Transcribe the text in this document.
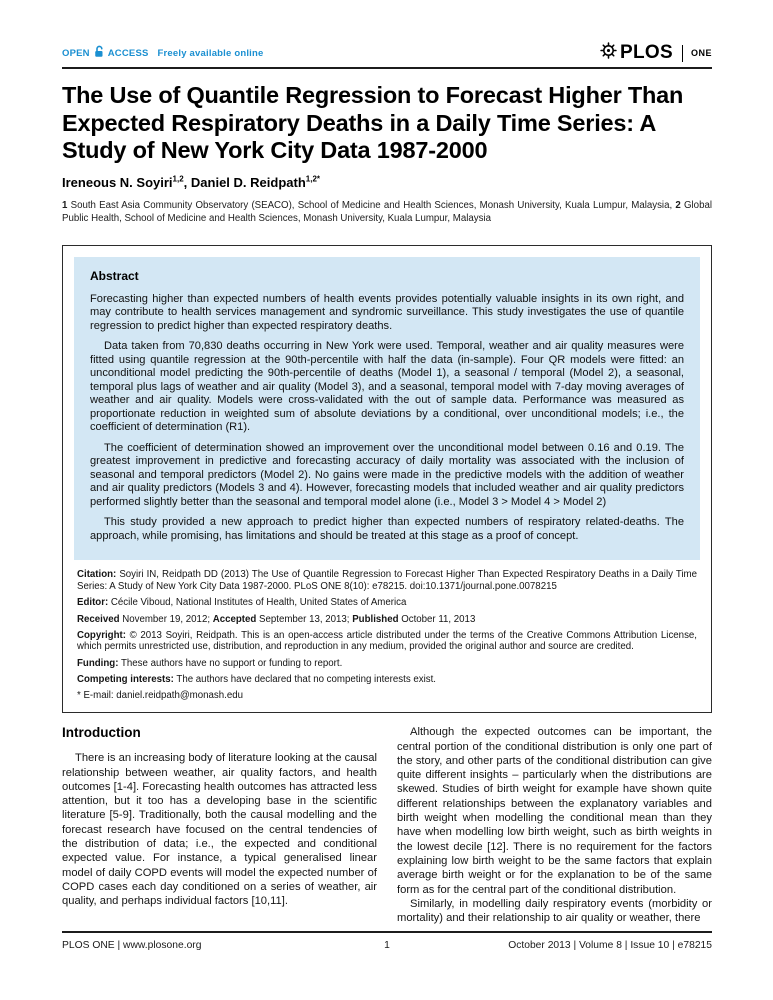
OPEN ACCESS Freely available online	PLOS ONE
The Use of Quantile Regression to Forecast Higher Than Expected Respiratory Deaths in a Daily Time Series: A Study of New York City Data 1987-2000
Ireneous N. Soyiri$^{1,2}$, Daniel D. Reidpath$^{1,2*}$
1 South East Asia Community Observatory (SEACO), School of Medicine and Health Sciences, Monash University, Kuala Lumpur, Malaysia, 2 Global Public Health, School of Medicine and Health Sciences, Monash University, Kuala Lumpur, Malaysia
Abstract

Forecasting higher than expected numbers of health events provides potentially valuable insights in its own right, and may contribute to health services management and syndromic surveillance. This study investigates the use of quantile regression to predict higher than expected respiratory deaths.

Data taken from 70,830 deaths occurring in New York were used. Temporal, weather and air quality measures were fitted using quantile regression at the 90th-percentile with half the data (in-sample). Four QR models were fitted: an unconditional model predicting the 90th-percentile of deaths (Model 1), a seasonal / temporal (Model 2), a seasonal, temporal plus lags of weather and air quality (Model 3), and a seasonal, temporal model with 7-day moving averages of weather and air quality. Models were cross-validated with the out of sample data. Performance was measured as proportionate reduction in weighted sum of absolute deviations by a conditional, over unconditional models; i.e., the coefficient of determination (R1).

The coefficient of determination showed an improvement over the unconditional model between 0.16 and 0.19. The greatest improvement in predictive and forecasting accuracy of daily mortality was associated with the inclusion of seasonal and temporal predictors (Model 2). No gains were made in the predictive models with the addition of weather and air quality predictors (Models 3 and 4). However, forecasting models that included weather and air quality predictors performed slightly better than the seasonal and temporal model alone (i.e., Model 3 > Model 4 > Model 2)

This study provided a new approach to predict higher than expected numbers of respiratory related-deaths. The approach, while promising, has limitations and should be treated at this stage as a proof of concept.

Citation: Soyiri IN, Reidpath DD (2013) The Use of Quantile Regression to Forecast Higher Than Expected Respiratory Deaths in a Daily Time Series: A Study of New York City Data 1987-2000. PLoS ONE 8(10): e78215. doi:10.1371/journal.pone.0078215

Editor: Cécile Viboud, National Institutes of Health, United States of America

Received November 19, 2012; Accepted September 13, 2013; Published October 11, 2013

Copyright: © 2013 Soyiri, Reidpath. This is an open-access article distributed under the terms of the Creative Commons Attribution License, which permits unrestricted use, distribution, and reproduction in any medium, provided the original author and source are credited.

Funding: These authors have no support or funding to report.

Competing interests: The authors have declared that no competing interests exist.

* E-mail: daniel.reidpath@monash.edu

Introduction

There is an increasing body of literature looking at the causal relationship between weather, air quality factors, and health outcomes [1-4]. Forecasting health outcomes has attracted less attention, but it too has a developing base in the scientific literature [5-9]. Traditionally, both the causal modelling and the forecast research have focused on the central tendencies of the distribution of data; i.e., the expected and conditional expected value. For instance, a typical generalised linear model of daily COPD events will model the expected number of COPD cases each day conditioned on a series of weather, air quality, and perhaps individual factors [10,11].

Although the expected outcomes can be important, the central portion of the conditional distribution is only one part of the story, and other parts of the conditional distribution can give quite different insights – particularly when the distributions are skewed. Studies of birth weight for example have shown quite different relationships between the explanatory variables and birth weight when modelling the conditional mean than they have when modelling low birth weight, such as birth weights in the lowest decile [12]. There is no requirement for the factors explaining low birth weight to be the same factors that explain average birth weight or for the explanation to be of the same form as for the central part of the conditional distribution.

Similarly, in modelling daily respiratory events (morbidity or mortality) and their relationship to air quality or weather, there

PLOS ONE | www.plosone.org	1	October 2013 | Volume 8 | Issue 10 | e78215
